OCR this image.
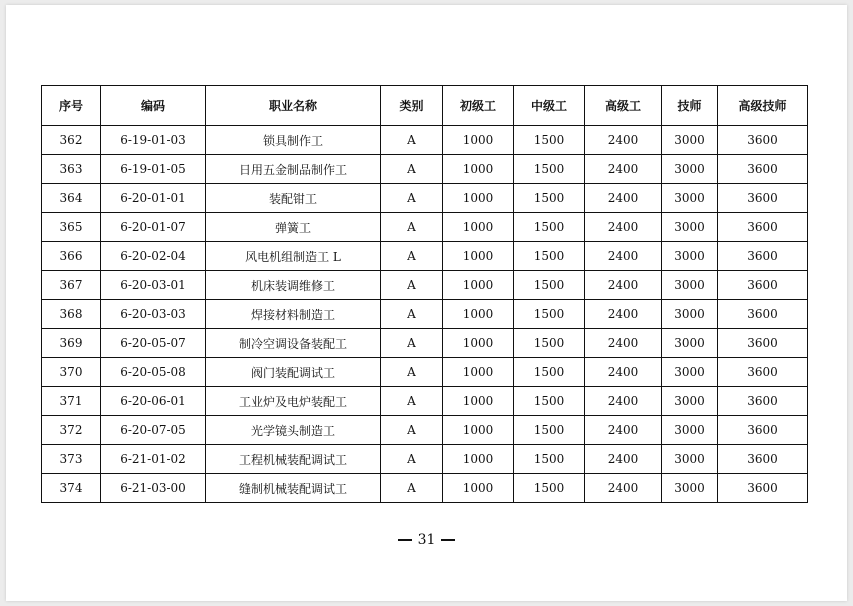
序号	编码	职业名称	类别	初级工	中级工	高级工	技师	高级技师
362	6-19-01-03	锁具制作工	A	1000	1500	2400	3000	3600
363	6-19-01-05	日用五金制品制作工	A	1000	1500	2400	3000	3600
364	6-20-01-01	装配钳工	A	1000	1500	2400	3000	3600
365	6-20-01-07	弹簧工	A	1000	1500	2400	3000	3600
366	6-20-02-04	风电机组制造工 L	A	1000	1500	2400	3000	3600
367	6-20-03-01	机床装调维修工	A	1000	1500	2400	3000	3600
368	6-20-03-03	焊接材料制造工	A	1000	1500	2400	3000	3600
369	6-20-05-07	制冷空调设备装配工	A	1000	1500	2400	3000	3600
370	6-20-05-08	阀门装配调试工	A	1000	1500	2400	3000	3600
371	6-20-06-01	工业炉及电炉装配工	A	1000	1500	2400	3000	3600
372	6-20-07-05	光学镜头制造工	A	1000	1500	2400	3000	3600
373	6-21-01-02	工程机械装配调试工	A	1000	1500	2400	3000	3600
374	6-21-03-00	缝制机械装配调试工	A	1000	1500	2400	3000	3600
31
